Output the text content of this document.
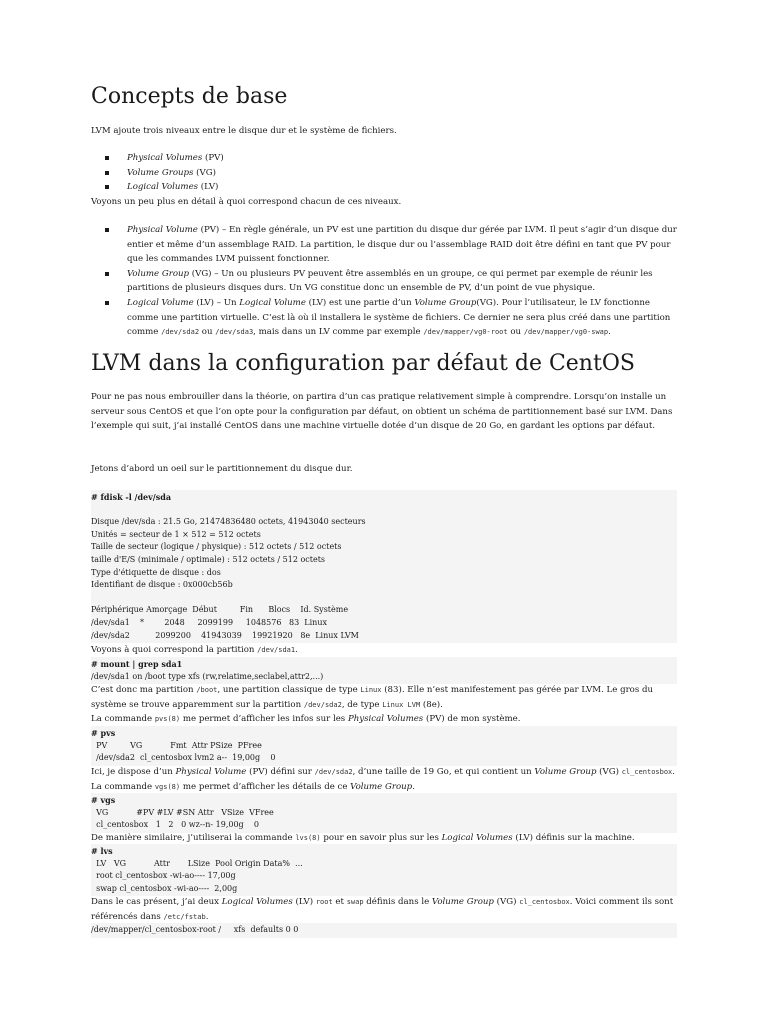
Concepts de base

LVM ajoute trois niveaux entre le disque dur et le système de fichiers.

Physical Volumes (PV)
Volume Groups (VG)
Logical Volumes (LV)

Voyons un peu plus en détail à quoi correspond chacun de ces niveaux.

Physical Volume (PV) – En règle générale, un PV est une partition du disque dur gérée par LVM. Il peut s’agir d’un disque dur entier et même d’un assemblage RAID. La partition, le disque dur ou l’assemblage RAID doit être défini en tant que PV pour que les commandes LVM puissent fonctionner.
Volume Group (VG) – Un ou plusieurs PV peuvent être assemblés en un groupe, ce qui permet par exemple de réunir les partitions de plusieurs disques durs. Un VG constitue donc un ensemble de PV, d’un point de vue physique.
Logical Volume (LV) – Un Logical Volume (LV) est une partie d’un Volume Group(VG). Pour l’utilisateur, le LV fonctionne comme une partition virtuelle. C’est là où il installera le système de fichiers. Ce dernier ne sera plus créé dans une partition comme /dev/sda2 ou /dev/sda3, mais dans un LV comme par exemple /dev/mapper/vg0-root ou /dev/mapper/vg0-swap.
LVM dans la configuration par défaut de CentOS

Pour ne pas nous embrouiller dans la théorie, on partira d’un cas pratique relativement simple à comprendre. Lorsqu’on installe un serveur sous CentOS et que l’on opte pour la configuration par défaut, on obtient un schéma de partitionnement basé sur LVM. Dans l’exemple qui suit, j’ai installé CentOS dans une machine virtuelle dotée d’un disque de 20 Go, en gardant les options par défaut.

Jetons d’abord un oeil sur le partitionnement du disque dur.

# fdisk -l /dev/sda
Disque /dev/sda : 21.5 Go, 21474836480 octets, 41943040 secteurs
Unités = secteur de 1 × 512 = 512 octets
Taille de secteur (logique / physique) : 512 octets / 512 octets
taille d'E/S (minimale / optimale) : 512 octets / 512 octets
Type d'étiquette de disque : dos
Identifiant de disque : 0x000cb56b
Périphérique Amorçage  Début         Fin      Blocs    Id. Système
/dev/sda1    *        2048     2099199     1048576   83  Linux
/dev/sda2          2099200    41943039    19921920   8e  Linux LVM

Voyons à quoi correspond la partition /dev/sda1.

# mount | grep sda1
/dev/sda1 on /boot type xfs (rw,relatime,seclabel,attr2,...)

C’est donc ma partition /boot, une partition classique de type Linux (83). Elle n’est manifestement pas gérée par LVM. Le gros du système se trouve apparemment sur la partition /dev/sda2, de type Linux LVM (8e).
La commande pvs(8) me permet d’afficher les infos sur les Physical Volumes (PV) de mon système.

# pvs
PV         VG           Fmt  Attr PSize  PFree
/dev/sda2  cl_centosbox lvm2 a--  19,00g    0

Ici, je dispose d’un Physical Volume (PV) défini sur /dev/sda2, d’une taille de 19 Go, et qui contient un Volume Group (VG) cl_centosbox. La commande vgs(8) me permet d’afficher les détails de ce Volume Group.

# vgs
VG           #PV #LV #SN Attr   VSize  VFree
cl_centosbox   1   2   0 wz--n- 19,00g    0

De manière similaire, j’utiliserai la commande lvs(8) pour en savoir plus sur les Logical Volumes (LV) définis sur la machine.

# lvs
LV   VG           Attr       LSize  Pool Origin Data%  ...
root cl_centosbox -wi-ao---- 17,00g
swap cl_centosbox -wi-ao----  2,00g

Dans le cas présent, j’ai deux Logical Volumes (LV) root et swap définis dans le Volume Group (VG) cl_centosbox. Voici comment ils sont référencés dans /etc/fstab.

/dev/mapper/cl_centosbox-root /     xfs  defaults 0 0
